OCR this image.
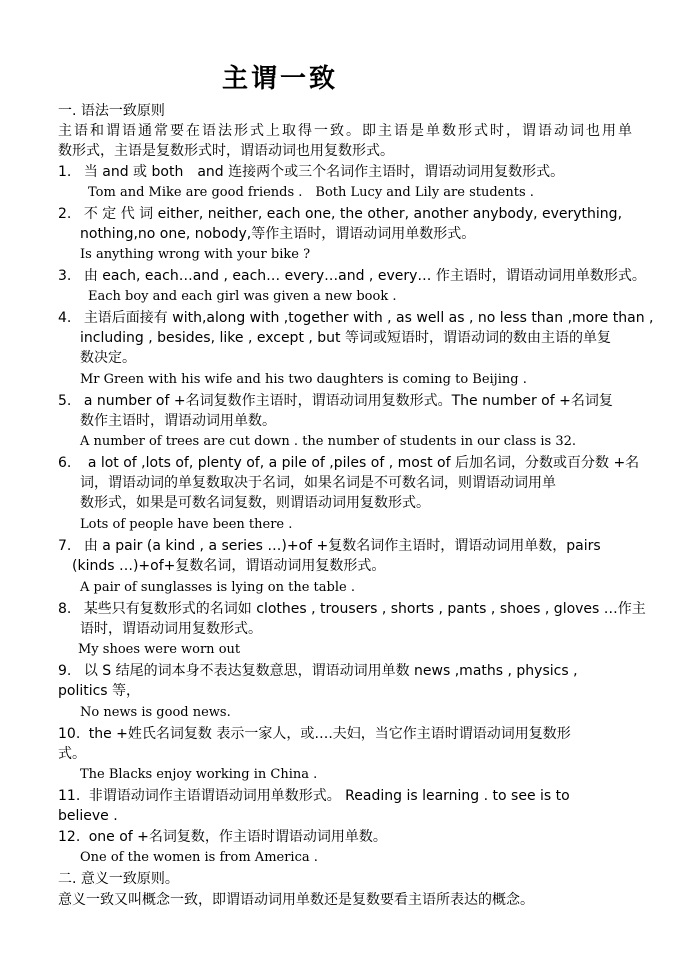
主谓一致
一. 语法一致原则
主语和谓语通常要在语法形式上取得一致。即主语是单数形式时，谓语动词也用单
数形式，主语是复数形式时，谓语动词也用复数形式。
1. 当 and 或 both　and 连接两个或三个名词作主语时，谓语动词用复数形式。
Tom and Mike are good friends .　Both Lucy and Lily are students .
2. 不 定 代 词 either, neither, each one, the other, another anybody, everything,
nothing,no one, nobody,等作主语时，谓语动词用单数形式。
Is anything wrong with your bike ?
3. 由 each, each…and , each… every…and , every… 作主语时，谓语动词用单数形式。
Each boy and each girl was given a new book .
4. 主语后面接有 with,along with ,together with , as well as , no less than ,more than ,
including , besides, like , except , but 等词或短语时，谓语动词的数由主语的单复
数决定。
Mr Green with his wife and his two daughters is coming to Beijing .
5. a number of +名词复数作主语时，谓语动词用复数形式。The number of +名词复
数作主语时，谓语动词用单数。
A number of trees are cut down . the number of students in our class is 32.
6. a lot of ,lots of, plenty of, a pile of ,piles of , most of 后加名词，分数或百分数 +名
词，谓语动词的单复数取决于名词，如果名词是不可数名词，则谓语动词用单
数形式，如果是可数名词复数，则谓语动词用复数形式。
Lots of people have been there .
7. 由 a pair (a kind , a series …)+of +复数名词作主语时，谓语动词用单数，pairs
(kinds …)+of+复数名词，谓语动词用复数形式。
A pair of sunglasses is lying on the table .
8. 某些只有复数形式的名词如 clothes , trousers , shorts , pants , shoes , gloves …作主
语时，谓语动词用复数形式。
My shoes were worn out
9. 以 S 结尾的词本身不表达复数意思，谓语动词用单数 news ,maths , physics ,
politics 等，
No news is good news.
10. the +姓氏名词复数 表示一家人，或….夫妇，当它作主语时谓语动词用复数形
式。
The Blacks enjoy working in China .
11. 非谓语动词作主语谓语动词用单数形式。 Reading is learning . to see is to
believe .
12. one of +名词复数，作主语时谓语动词用单数。
One of the women is from America .
二. 意义一致原则。
意义一致又叫概念一致，即谓语动词用单数还是复数要看主语所表达的概念。
